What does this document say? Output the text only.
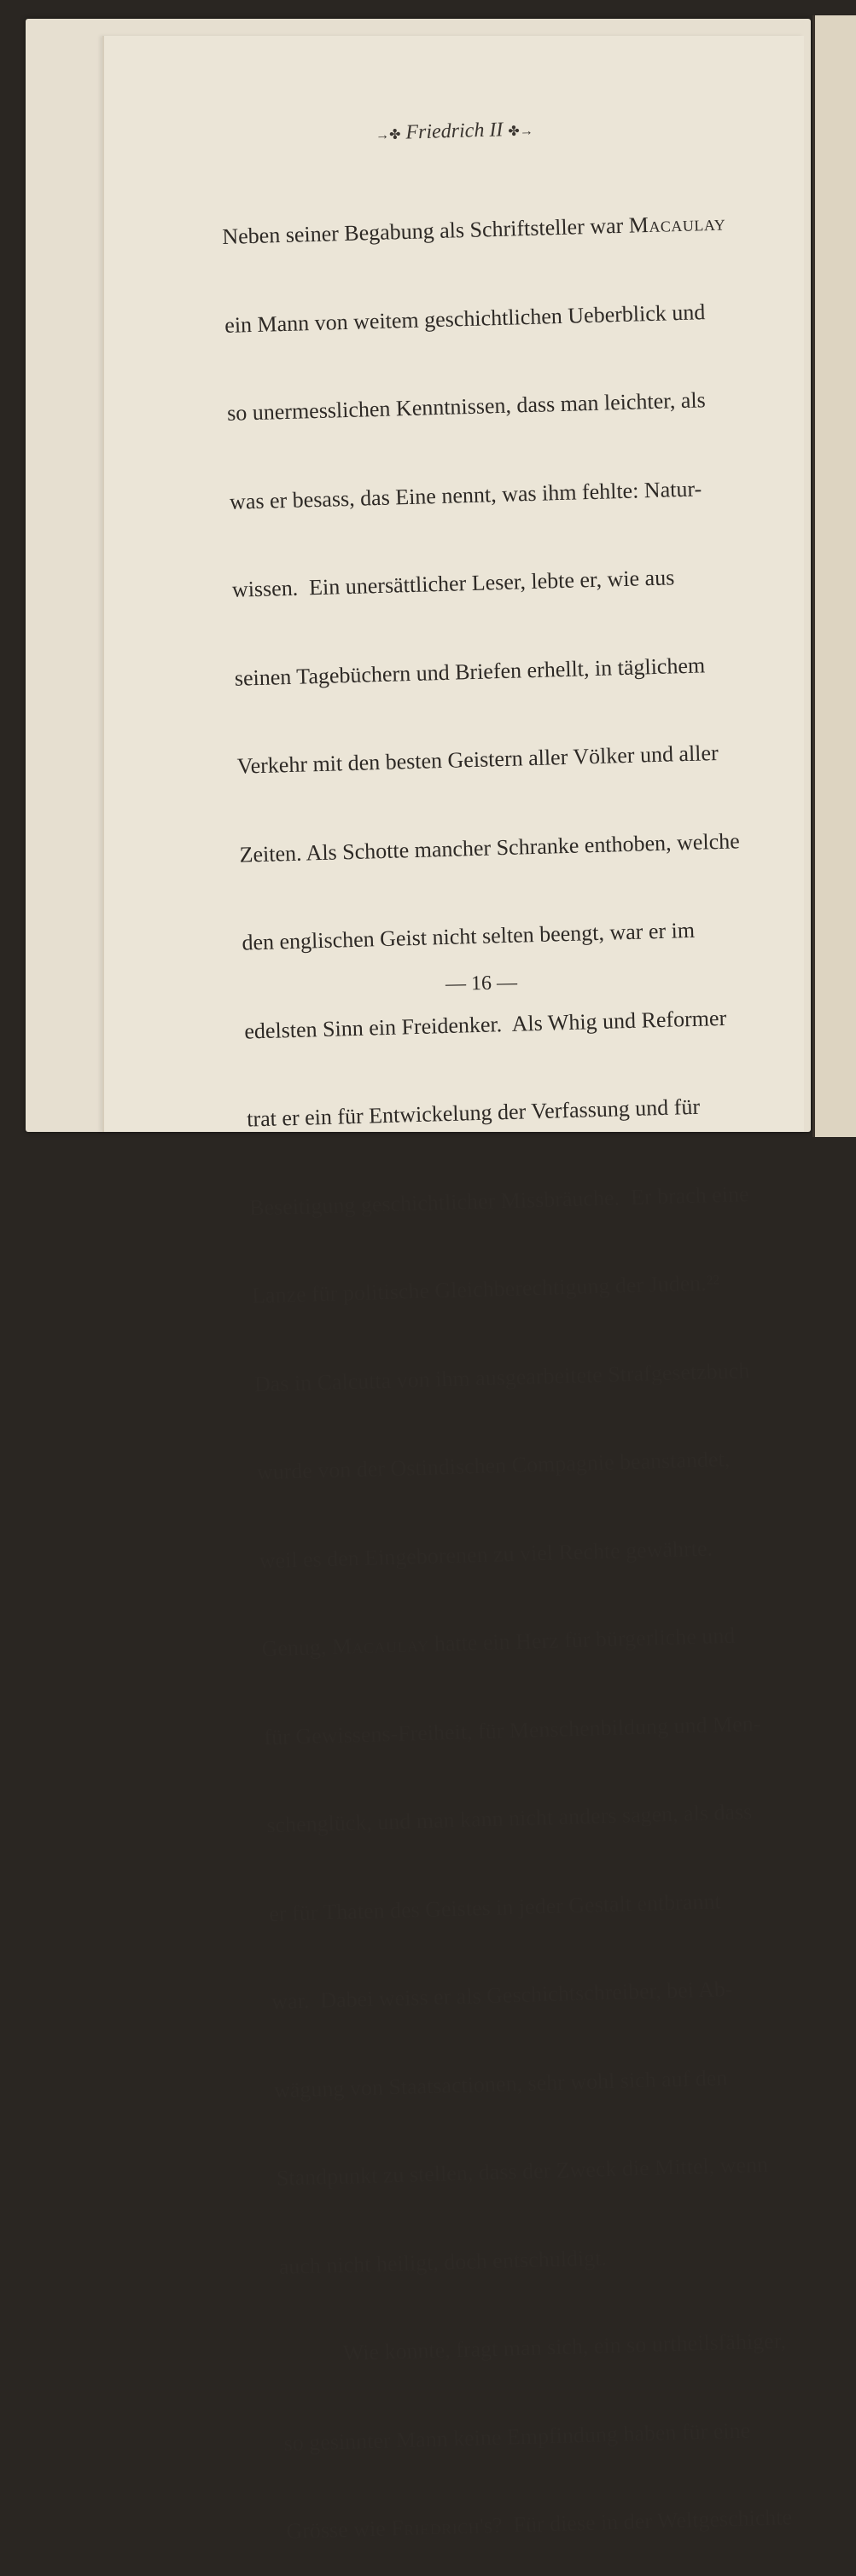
→✤ Friedrich II ✤→

Neben seiner Begabung als Schriftsteller war Macaulay

ein Mann von weitem geschichtlichen Ueberblick und

so unermesslichen Kenntnissen, dass man leichter, als

was er besass, das Eine nennt, was ihm fehlte: Natur-

wissen.  Ein unersättlicher Leser, lebte er, wie aus

seinen Tagebüchern und Briefen erhellt, in täglichem

Verkehr mit den besten Geistern aller Völker und aller

Zeiten. Als Schotte mancher Schranke enthoben, welche

den englischen Geist nicht selten beengt, war er im

edelsten Sinn ein Freidenker.  Als Whig und Reformer

trat er ein für Entwickelung der Verfassung und für

Beseitigung geschichtlicher Missbräuche.  Er brach eine

Lanze für politische Gleichberechtigung der Juden.²²

Das in Calcutta von ihm ausgearbeitete Strafgesetzbuch

wurde von der Ostindischen Compagnie beanstandet,

weil es den Eingeborenen zu viel Rechte gewährte.

Genug, Macaulay hatte ein Herz für bürgerliche und

für Gewissens-Freiheit, für Menschenbildung und Men-

schenglück, und man kann nicht anders sagen, als dass

er für Thaten des Geistes in jeder Gestalt entbrannt

war.  Dabei weiss er als Geschichtschreiber, bei Ab-

wägung von Staatsactionen, sehr wohl sich auf den

Standpunkt zu stellen, dass der Zweck die Mittel, wenn

auch nicht heiligt, doch entschuldigt.

Wie konnte, fragt man sich, ein so urtheilsfähiger,

so gesinnter Mann keine Empfindung haben für eine

Grösse wie Friedrich's?  Für diese in der Weltgeschichte

— 16 —
